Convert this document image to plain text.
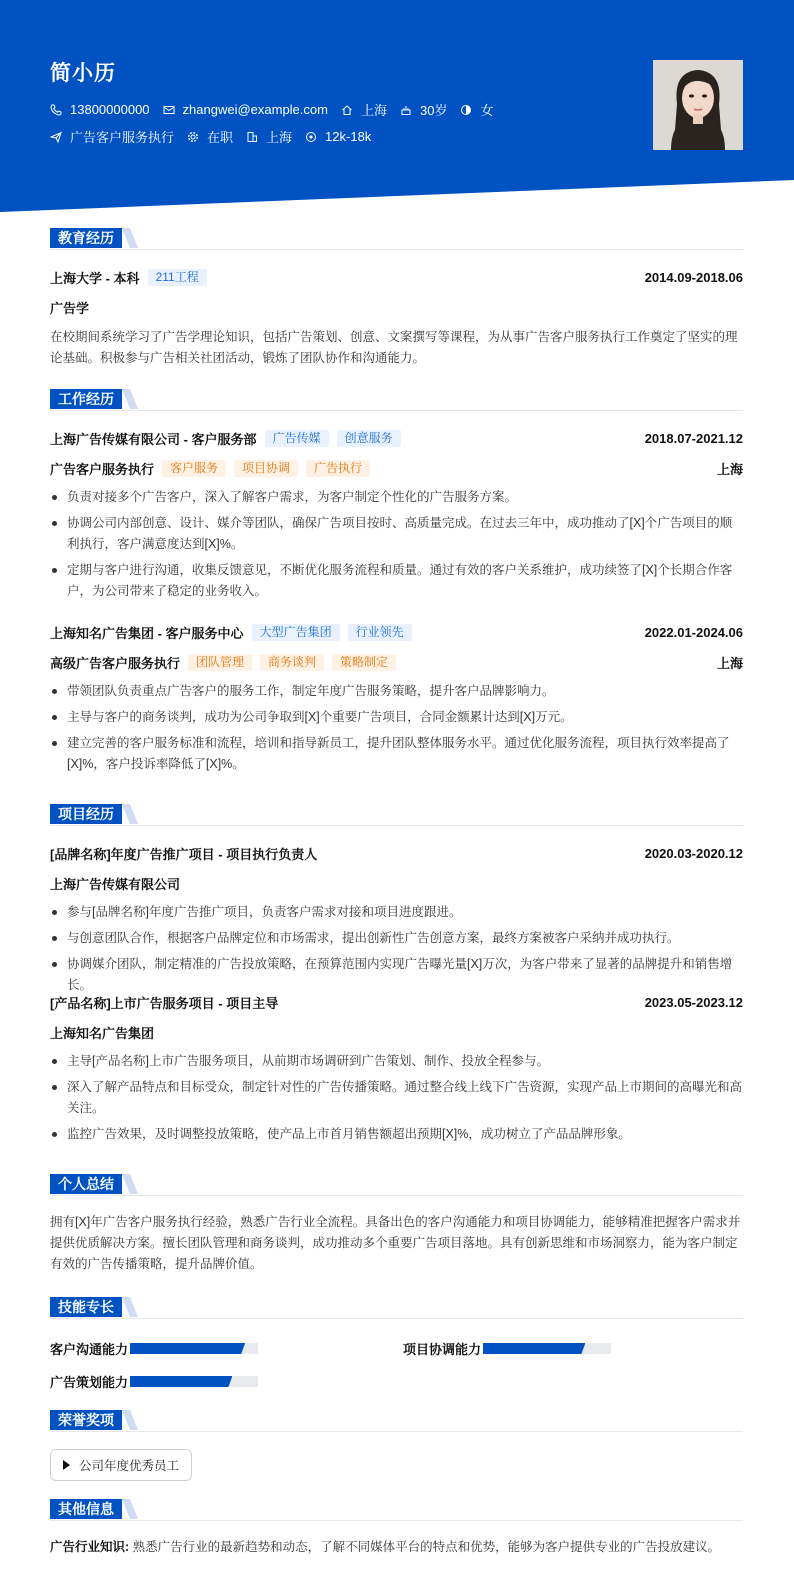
简小历
13800000000	zhangwei@example.com	上海	30岁	女
广告客户服务执行	在职	上海	12k-18k
教育经历
上海大学 - 本科	211工程	2014.09-2018.06
广告学
在校期间系统学习了广告学理论知识，包括广告策划、创意、文案撰写等课程，为从事广告客户服务执行工作奠定了坚实的理论基础。积极参与广告相关社团活动，锻炼了团队协作和沟通能力。
工作经历
上海广告传媒有限公司 - 客户服务部	广告传媒	创意服务	2018.07-2021.12
广告客户服务执行	客户服务	项目协调	广告执行	上海
负责对接多个广告客户，深入了解客户需求，为客户制定个性化的广告服务方案。
协调公司内部创意、设计、媒介等团队，确保广告项目按时、高质量完成。在过去三年中，成功推动了[X]个广告项目的顺利执行，客户满意度达到[X]%。
定期与客户进行沟通，收集反馈意见，不断优化服务流程和质量。通过有效的客户关系维护，成功续签了[X]个长期合作客户，为公司带来了稳定的业务收入。
上海知名广告集团 - 客户服务中心	大型广告集团	行业领先	2022.01-2024.06
高级广告客户服务执行	团队管理	商务谈判	策略制定	上海
带领团队负责重点广告客户的服务工作，制定年度广告服务策略，提升客户品牌影响力。
主导与客户的商务谈判，成功为公司争取到[X]个重要广告项目，合同金额累计达到[X]万元。
建立完善的客户服务标准和流程，培训和指导新员工，提升团队整体服务水平。通过优化服务流程，项目执行效率提高了[X]%，客户投诉率降低了[X]%。
项目经历
[品牌名称]年度广告推广项目 - 项目执行负责人	2020.03-2020.12
上海广告传媒有限公司
参与[品牌名称]年度广告推广项目，负责客户需求对接和项目进度跟进。
与创意团队合作，根据客户品牌定位和市场需求，提出创新性广告创意方案，最终方案被客户采纳并成功执行。
协调媒介团队，制定精准的广告投放策略，在预算范围内实现广告曝光量[X]万次，为客户带来了显著的品牌提升和销售增长。
[产品名称]上市广告服务项目 - 项目主导	2023.05-2023.12
上海知名广告集团
主导[产品名称]上市广告服务项目，从前期市场调研到广告策划、制作、投放全程参与。
深入了解产品特点和目标受众，制定针对性的广告传播策略。通过整合线上线下广告资源，实现产品上市期间的高曝光和高关注。
监控广告效果，及时调整投放策略，使产品上市首月销售额超出预期[X]%，成功树立了产品品牌形象。
个人总结
拥有[X]年广告客户服务执行经验，熟悉广告行业全流程。具备出色的客户沟通能力和项目协调能力，能够精准把握客户需求并提供优质解决方案。擅长团队管理和商务谈判，成功推动多个重要广告项目落地。具有创新思维和市场洞察力，能为客户制定有效的广告传播策略，提升品牌价值。
技能专长
客户沟通能力	项目协调能力
广告策划能力
荣誉奖项
公司年度优秀员工
其他信息
广告行业知识: 熟悉广告行业的最新趋势和动态，了解不同媒体平台的特点和优势，能够为客户提供专业的广告投放建议。
